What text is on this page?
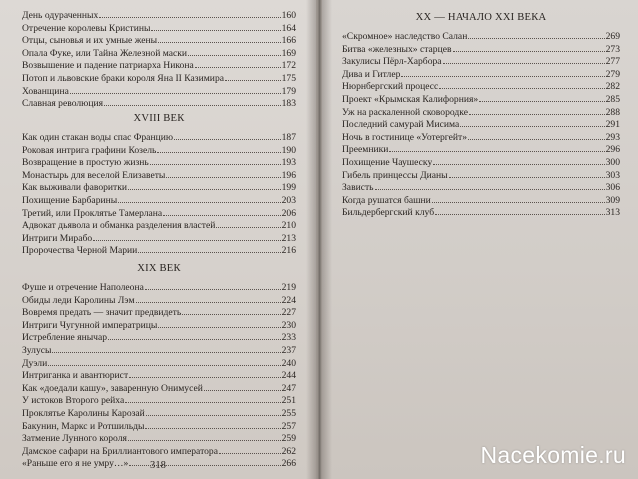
День одураченных	160
Отречение королевы Кристины	164
Отцы, сыновья и их умные жены	166
Опала Фуке, или Тайна Железной маски	169
Возвышение и падение патриарха Никона	172
Потоп и львовские браки короля Яна II Казимира	175
Хованщина	179
Славная революция	183
XVIII ВЕК
Как один стакан воды спас Францию	187
Роковая интрига графини Козель	190
Возвращение в простую жизнь	193
Монастырь для веселой Елизаветы	196
Как выживали фаворитки	199
Похищение Барбарины	203
Третий, или Проклятье Тамерлана	206
Адвокат дьявола и обманка разделения властей	210
Интриги Мирабо	213
Пророчества Черной Марии	216
XIX ВЕК
Фуше и отречение Наполеона	219
Обиды леди Каролины Лэм	224
Вовремя предать — значит предвидеть	227
Интриги Чугунной императрицы	230
Истребление янычар	233
Зулусы	237
Дуэли	240
Интриганка и авантюрист	244
Как «доедали кашу», заваренную Онимусей	247
У истоков Второго рейха	251
Проклятье Каролины Карозай	255
Бакунин, Маркс и Ротшильды	257
Затмение Лунного короля	259
Дамское сафари на Бриллиантового императора	262
«Раньше его я не умру…»	266
318
XX — НАЧАЛО XXI ВЕКА
«Скромное» наследство Салан	269
Битва «железных» старцев	273
Закулисы Пёрл-Харбора	277
Дива и Гитлер	279
Нюрнбергский процесс	282
Проект «Крымская Калифорния»	285
Уж на раскаленной сковородке	288
Последний самурай Мисима	291
Ночь в гостинице «Уотергейт»	293
Преемники	296
Похищение Чаушеску	300
Гибель принцессы Дианы	303
Зависть	306
Когда рушатся башни	309
Бильдербергский клуб	313
Nacekomie.ru
